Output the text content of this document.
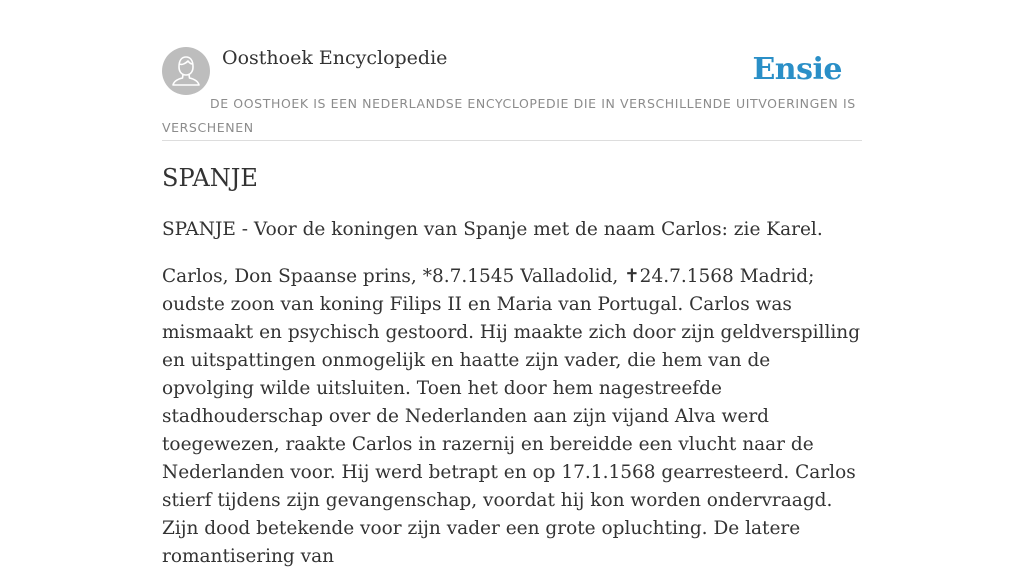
Oosthoek Encyclopedie	Ensie
DE OOSTHOEK IS EEN NEDERLANDSE ENCYCLOPEDIE DIE IN VERSCHILLENDE UITVOERINGEN IS VERSCHENEN
SPANJE

SPANJE - Voor de koningen van Spanje met de naam Carlos: zie Karel.

Carlos, Don Spaanse prins, *8.7.1545 Valladolid, ✝24.7.1568 Madrid; oudste zoon van koning Filips II en Maria van Portugal. Carlos was mismaakt en psychisch gestoord. Hij maakte zich door zijn geldverspilling en uitspattingen onmogelijk en haatte zijn vader, die hem van de opvolging wilde uitsluiten. Toen het door hem nagestreefde stadhouderschap over de Nederlanden aan zijn vijand Alva werd toegewezen, raakte Carlos in razernij en bereidde een vlucht naar de Nederlanden voor. Hij werd betrapt en op 17.1.1568 gearresteerd. Carlos stierf tijdens zijn gevangenschap, voordat hij kon worden ondervraagd. Zijn dood betekende voor zijn vader een grote opluchting. De latere romantisering van
